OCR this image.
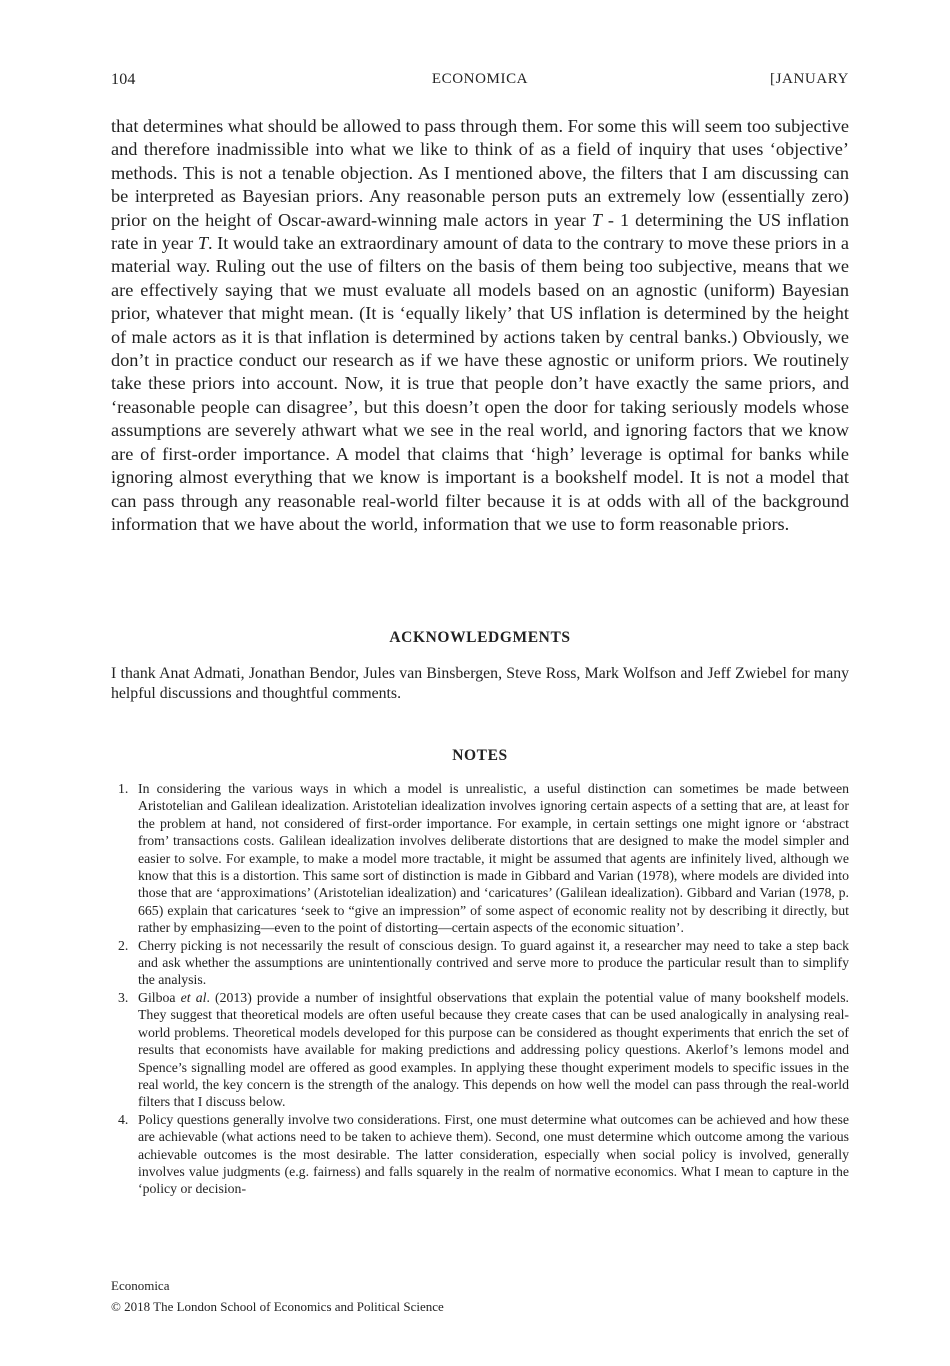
104	ECONOMICA	[JANUARY

that determines what should be allowed to pass through them. For some this will seem too subjective and therefore inadmissible into what we like to think of as a field of inquiry that uses ‘objective’ methods. This is not a tenable objection. As I mentioned above, the filters that I am discussing can be interpreted as Bayesian priors. Any reasonable person puts an extremely low (essentially zero) prior on the height of Oscar-award-winning male actors in year T - 1 determining the US inflation rate in year T. It would take an extraordinary amount of data to the contrary to move these priors in a material way. Ruling out the use of filters on the basis of them being too subjective, means that we are effectively saying that we must evaluate all models based on an agnostic (uniform) Bayesian prior, whatever that might mean. (It is ‘equally likely’ that US inflation is determined by the height of male actors as it is that inflation is determined by actions taken by central banks.) Obviously, we don’t in practice conduct our research as if we have these agnostic or uniform priors. We routinely take these priors into account. Now, it is true that people don’t have exactly the same priors, and ‘reasonable people can disagree’, but this doesn’t open the door for taking seriously models whose assumptions are severely athwart what we see in the real world, and ignoring factors that we know are of first-order importance. A model that claims that ‘high’ leverage is optimal for banks while ignoring almost everything that we know is important is a bookshelf model. It is not a model that can pass through any reasonable real-world filter because it is at odds with all of the background information that we have about the world, information that we use to form reasonable priors.

ACKNOWLEDGMENTS

I thank Anat Admati, Jonathan Bendor, Jules van Binsbergen, Steve Ross, Mark Wolfson and Jeff Zwiebel for many helpful discussions and thoughtful comments.

NOTES
1. In considering the various ways in which a model is unrealistic, a useful distinction can sometimes be made between Aristotelian and Galilean idealization. Aristotelian idealization involves ignoring certain aspects of a setting that are, at least for the problem at hand, not considered of first-order importance. For example, in certain settings one might ignore or ‘abstract from’ transactions costs. Galilean idealization involves deliberate distortions that are designed to make the model simpler and easier to solve. For example, to make a model more tractable, it might be assumed that agents are infinitely lived, although we know that this is a distortion. This same sort of distinction is made in Gibbard and Varian (1978), where models are divided into those that are ‘approximations’ (Aristotelian idealization) and ‘caricatures’ (Galilean idealization). Gibbard and Varian (1978, p. 665) explain that caricatures ‘seek to “give an impression” of some aspect of economic reality not by describing it directly, but rather by emphasizing—even to the point of distorting—certain aspects of the economic situation’.
2. Cherry picking is not necessarily the result of conscious design. To guard against it, a researcher may need to take a step back and ask whether the assumptions are unintentionally contrived and serve more to produce the particular result than to simplify the analysis.
3. Gilboa et al. (2013) provide a number of insightful observations that explain the potential value of many bookshelf models. They suggest that theoretical models are often useful because they create cases that can be used analogically in analysing real-world problems. Theoretical models developed for this purpose can be considered as thought experiments that enrich the set of results that economists have available for making predictions and addressing policy questions. Akerlof’s lemons model and Spence’s signalling model are offered as good examples. In applying these thought experiment models to specific issues in the real world, the key concern is the strength of the analogy. This depends on how well the model can pass through the real-world filters that I discuss below.
4. Policy questions generally involve two considerations. First, one must determine what outcomes can be achieved and how these are achievable (what actions need to be taken to achieve them). Second, one must determine which outcome among the various achievable outcomes is the most desirable. The latter consideration, especially when social policy is involved, generally involves value judgments (e.g. fairness) and falls squarely in the realm of normative economics. What I mean to capture in the ‘policy or decision-
Economica
© 2018 The London School of Economics and Political Science
